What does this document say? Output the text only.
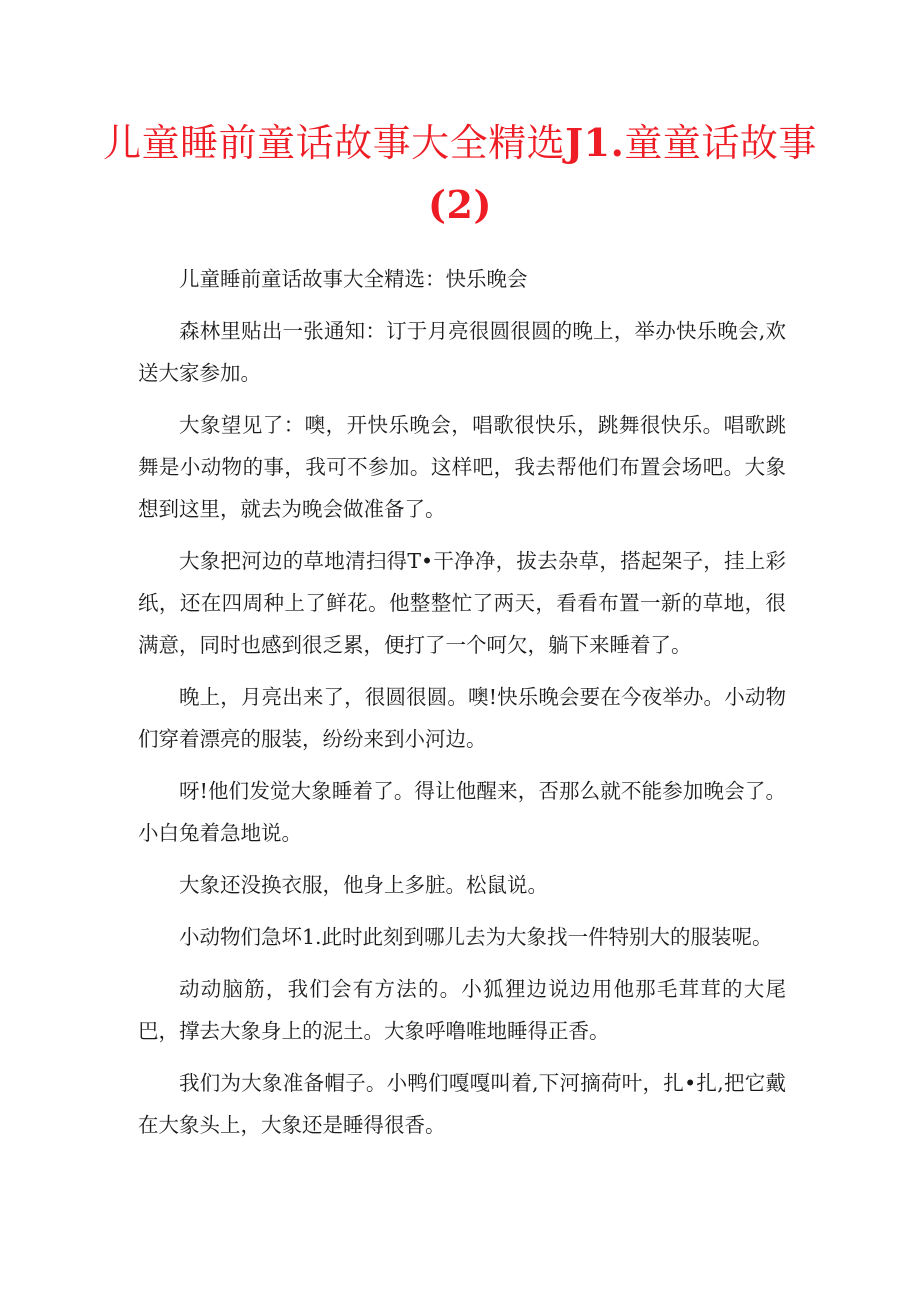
儿童睡前童话故事大全精选J1.童童话故事
(2)

儿童睡前童话故事大全精选：快乐晚会

森林里贴出一张通知：订于月亮很圆很圆的晚上，举办快乐晚会,欢送大家参加。

大象望见了：噢，开快乐晚会，唱歌很快乐，跳舞很快乐。唱歌跳舞是小动物的事，我可不参加。这样吧，我去帮他们布置会场吧。大象想到这里，就去为晚会做准备了。

大象把河边的草地清扫得T•干净净，拔去杂草，搭起架子，挂上彩纸，还在四周种上了鲜花。他整整忙了两天，看看布置一新的草地，很满意，同时也感到很乏累，便打了一个呵欠，躺下来睡着了。

晚上，月亮出来了，很圆很圆。噢!快乐晚会要在今夜举办。小动物们穿着漂亮的服装，纷纷来到小河边。

呀!他们发觉大象睡着了。得让他醒来，否那么就不能参加晚会了。小白兔着急地说。

大象还没换衣服，他身上多脏。松鼠说。

小动物们急坏1.此时此刻到哪儿去为大象找一件特别大的服装呢。

动动脑筋，我们会有方法的。小狐狸边说边用他那毛茸茸的大尾巴，撑去大象身上的泥土。大象呼噜唯地睡得正香。

我们为大象准备帽子。小鸭们嘎嘎叫着,下河摘荷叶，扎•扎,把它戴在大象头上，大象还是睡得很香。
